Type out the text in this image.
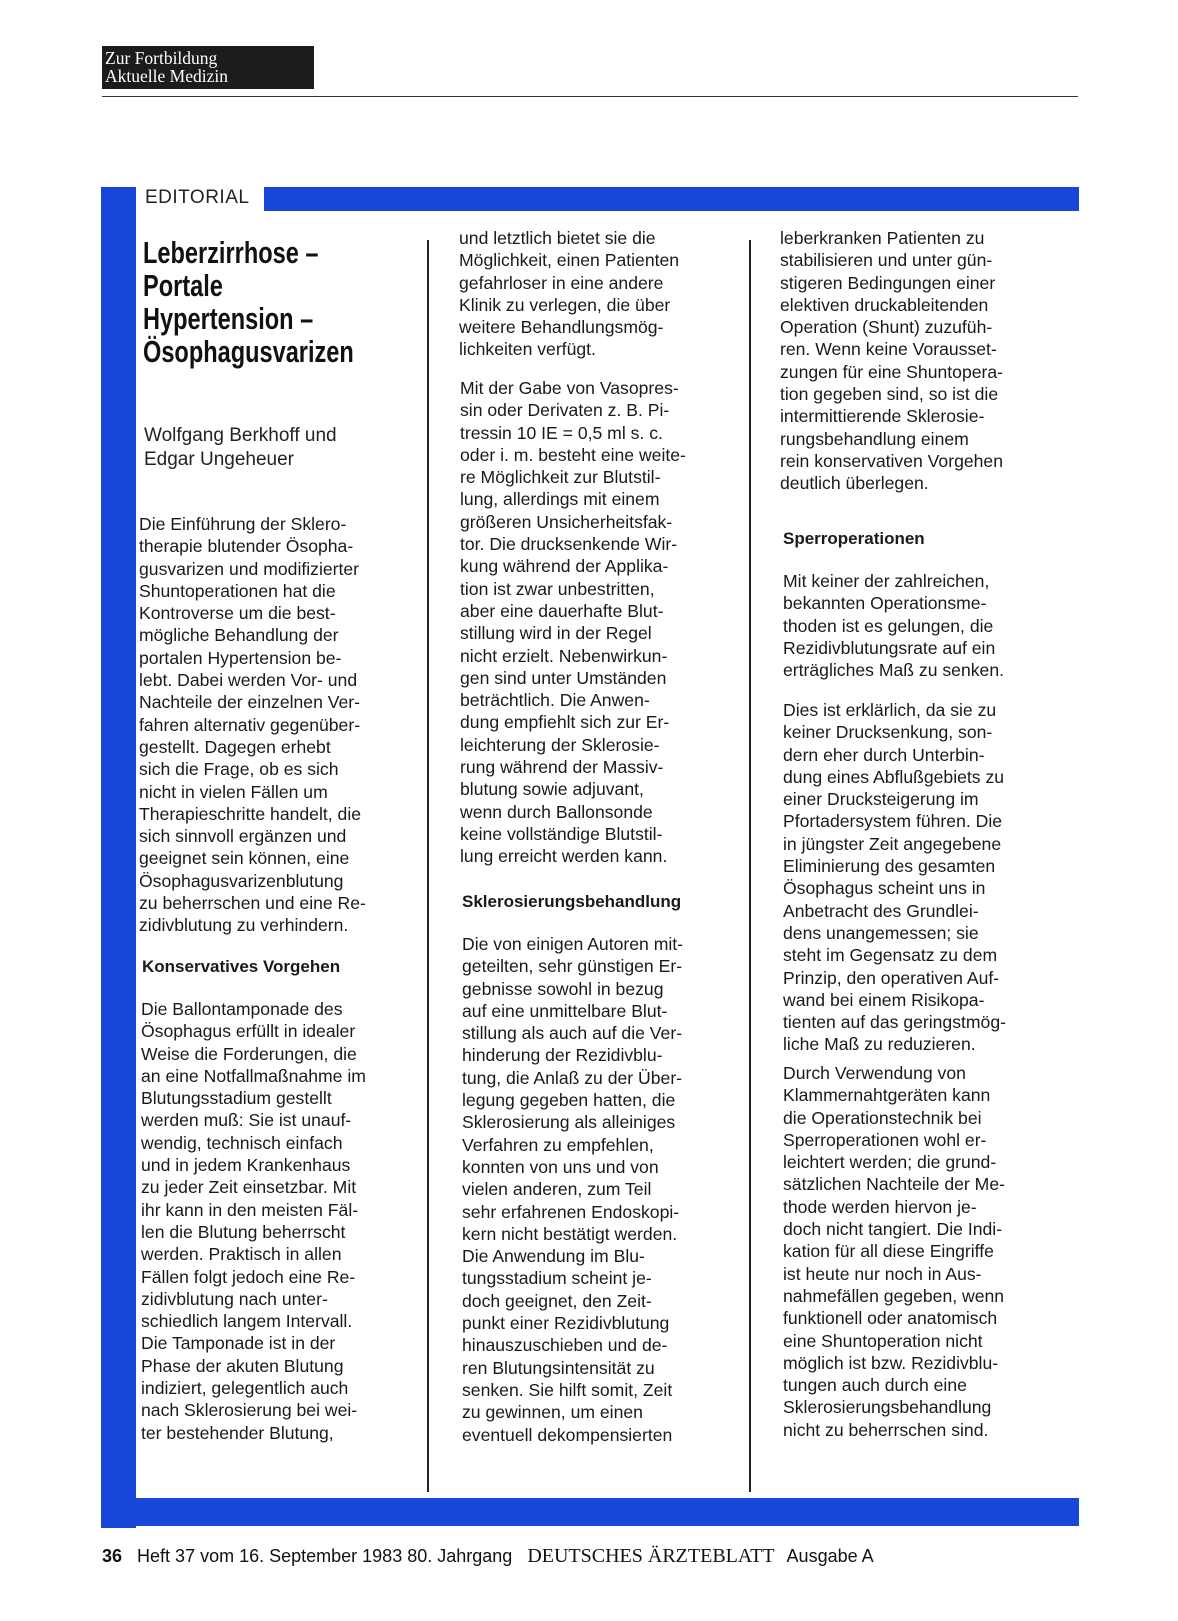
Zur Fortbildung
Aktuelle Medizin
EDITORIAL
Leberzirrhose –
Portale
Hypertension –
Ösophagusvarizen
Wolfgang Berkhoff und
Edgar Ungeheuer
Die Einführung der Sklero-
therapie blutender Ösopha-
gusvarizen und modifizierter
Shuntoperationen hat die
Kontroverse um die best-
mögliche Behandlung der
portalen Hypertension be-
lebt. Dabei werden Vor- und
Nachteile der einzelnen Ver-
fahren alternativ gegenüber-
gestellt. Dagegen erhebt
sich die Frage, ob es sich
nicht in vielen Fällen um
Therapieschritte handelt, die
sich sinnvoll ergänzen und
geeignet sein können, eine
Ösophagusvarizenblutung
zu beherrschen und eine Re-
zidivblutung zu verhindern.
Konservatives Vorgehen
Die Ballontamponade des
Ösophagus erfüllt in idealer
Weise die Forderungen, die
an eine Notfallmaßnahme im
Blutungsstadium gestellt
werden muß: Sie ist unauf-
wendig, technisch einfach
und in jedem Krankenhaus
zu jeder Zeit einsetzbar. Mit
ihr kann in den meisten Fäl-
len die Blutung beherrscht
werden. Praktisch in allen
Fällen folgt jedoch eine Re-
zidivblutung nach unter-
schiedlich langem Intervall.
Die Tamponade ist in der
Phase der akuten Blutung
indiziert, gelegentlich auch
nach Sklerosierung bei wei-
ter bestehender Blutung,
und letztlich bietet sie die
Möglichkeit, einen Patienten
gefahrloser in eine andere
Klinik zu verlegen, die über
weitere Behandlungsmög-
lichkeiten verfügt.
Mit der Gabe von Vasopres-
sin oder Derivaten z. B. Pi-
tressin 10 IE = 0,5 ml s. c.
oder i. m. besteht eine weite-
re Möglichkeit zur Blutstil-
lung, allerdings mit einem
größeren Unsicherheitsfak-
tor. Die drucksenkende Wir-
kung während der Applika-
tion ist zwar unbestritten,
aber eine dauerhafte Blut-
stillung wird in der Regel
nicht erzielt. Nebenwirkun-
gen sind unter Umständen
beträchtlich. Die Anwen-
dung empfiehlt sich zur Er-
leichterung der Sklerosie-
rung während der Massiv-
blutung sowie adjuvant,
wenn durch Ballonsonde
keine vollständige Blutstil-
lung erreicht werden kann.
Sklerosierungsbehandlung
Die von einigen Autoren mit-
geteilten, sehr günstigen Er-
gebnisse sowohl in bezug
auf eine unmittelbare Blut-
stillung als auch auf die Ver-
hinderung der Rezidivblu-
tung, die Anlaß zu der Über-
legung gegeben hatten, die
Sklerosierung als alleiniges
Verfahren zu empfehlen,
konnten von uns und von
vielen anderen, zum Teil
sehr erfahrenen Endoskopi-
kern nicht bestätigt werden.
Die Anwendung im Blu-
tungsstadium scheint je-
doch geeignet, den Zeit-
punkt einer Rezidivblutung
hinauszuschieben und de-
ren Blutungsintensität zu
senken. Sie hilft somit, Zeit
zu gewinnen, um einen
eventuell dekompensierten
leberkranken Patienten zu
stabilisieren und unter gün-
stigeren Bedingungen einer
elektiven druckableitenden
Operation (Shunt) zuzufüh-
ren. Wenn keine Vorausset-
zungen für eine Shuntopera-
tion gegeben sind, so ist die
intermittierende Sklerosie-
rungsbehandlung einem
rein konservativen Vorgehen
deutlich überlegen.
Sperroperationen
Mit keiner der zahlreichen,
bekannten Operationsme-
thoden ist es gelungen, die
Rezidivblutungsrate auf ein
erträgliches Maß zu senken.
Dies ist erklärlich, da sie zu
keiner Drucksenkung, son-
dern eher durch Unterbin-
dung eines Abflußgebiets zu
einer Drucksteigerung im
Pfortadersystem führen. Die
in jüngster Zeit angegebene
Eliminierung des gesamten
Ösophagus scheint uns in
Anbetracht des Grundlei-
dens unangemessen; sie
steht im Gegensatz zu dem
Prinzip, den operativen Auf-
wand bei einem Risikopa-
tienten auf das geringstmög-
liche Maß zu reduzieren.
Durch Verwendung von
Klammernahtgeräten kann
die Operationstechnik bei
Sperroperationen wohl er-
leichtert werden; die grund-
sätzlichen Nachteile der Me-
thode werden hiervon je-
doch nicht tangiert. Die Indi-
kation für all diese Eingriffe
ist heute nur noch in Aus-
nahmefällen gegeben, wenn
funktionell oder anatomisch
eine Shuntoperation nicht
möglich ist bzw. Rezidivblu-
tungen auch durch eine
Sklerosierungsbehandlung
nicht zu beherrschen sind.
36 Heft 37 vom 16. September 1983 80. Jahrgang DEUTSCHES ÄRZTEBLATT Ausgabe A
